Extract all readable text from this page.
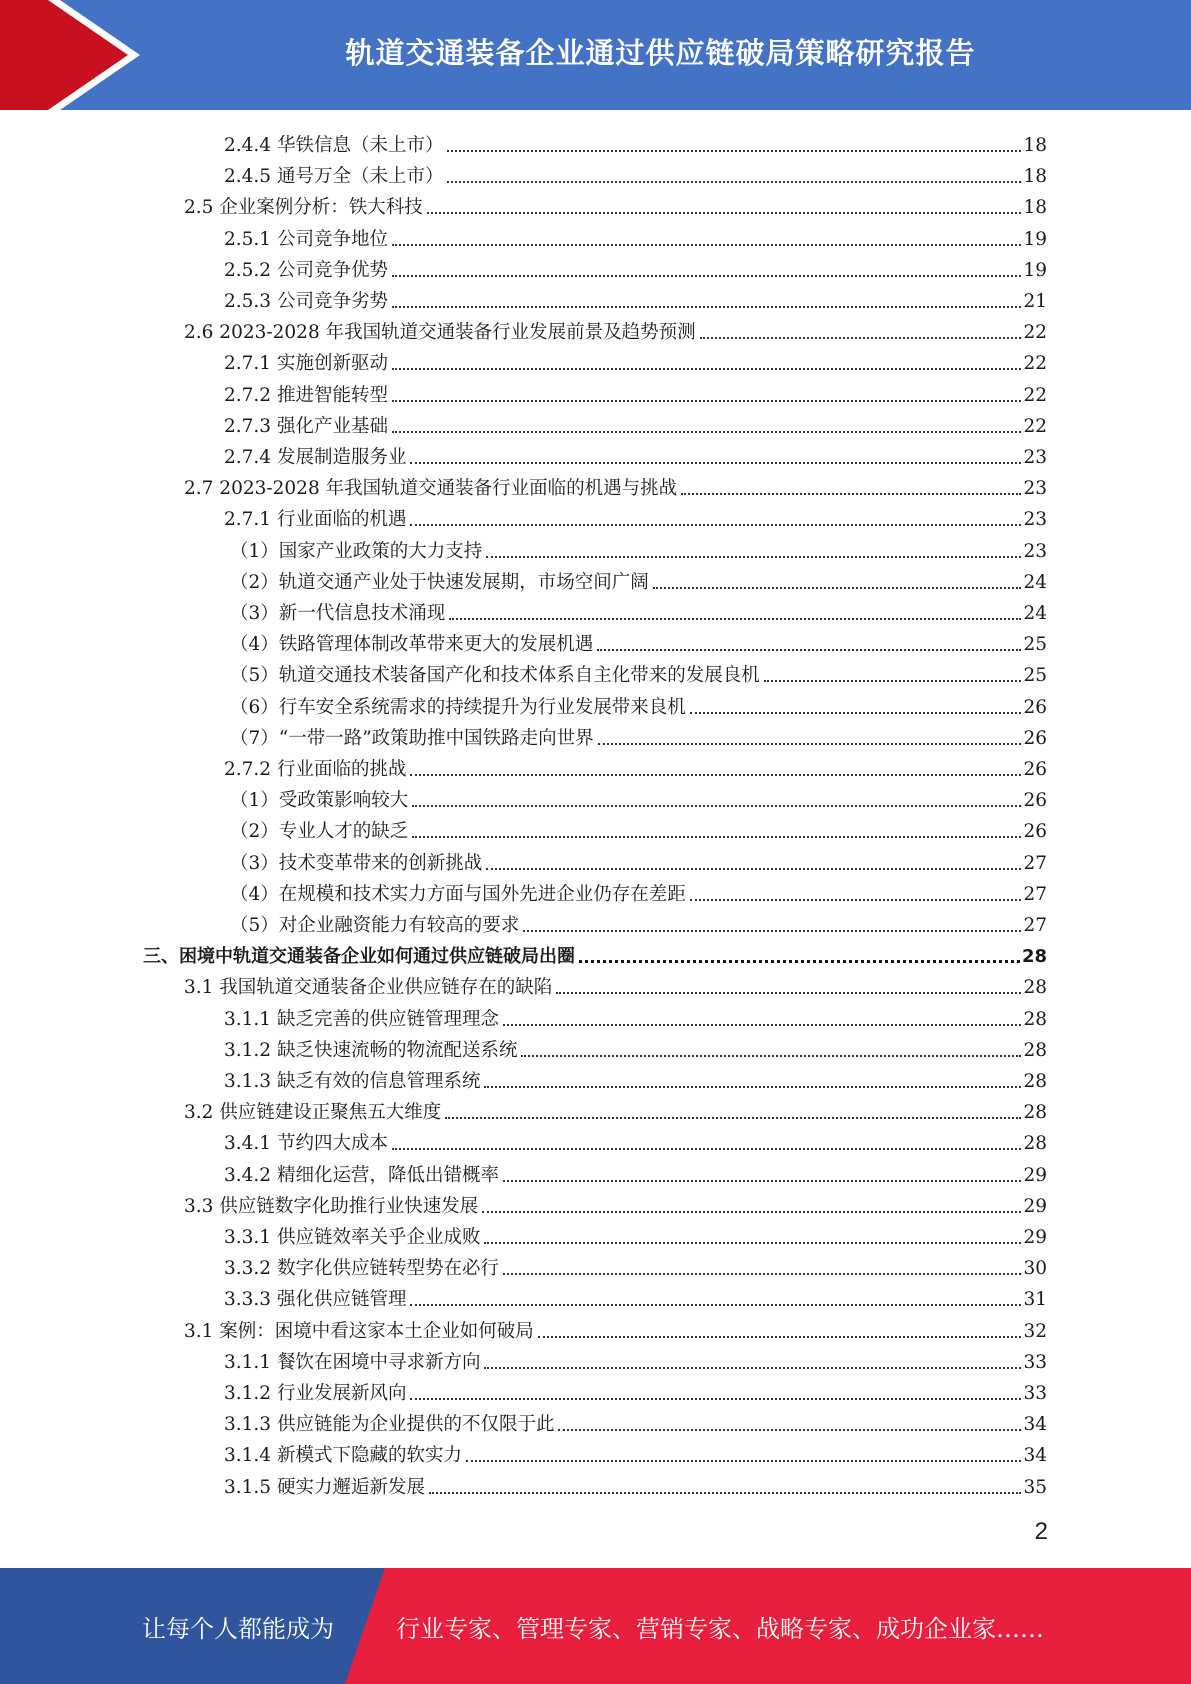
轨道交通装备企业通过供应链破局策略研究报告
2.4.4 华铁信息（未上市）	18
2.4.5 通号万全（未上市）	18
2.5 企业案例分析：铁大科技	18
2.5.1 公司竞争地位	19
2.5.2 公司竞争优势	19
2.5.3 公司竞争劣势	21
2.6 2023-2028 年我国轨道交通装备行业发展前景及趋势预测	22
2.7.1 实施创新驱动	22
2.7.2 推进智能转型	22
2.7.3 强化产业基础	22
2.7.4 发展制造服务业	23
2.7 2023-2028 年我国轨道交通装备行业面临的机遇与挑战	23
2.7.1 行业面临的机遇	23
（1）国家产业政策的大力支持	23
（2）轨道交通产业处于快速发展期，市场空间广阔	24
（3）新一代信息技术涌现	24
（4）铁路管理体制改革带来更大的发展机遇	25
（5）轨道交通技术装备国产化和技术体系自主化带来的发展良机	25
（6）行车安全系统需求的持续提升为行业发展带来良机	26
（7）“一带一路”政策助推中国铁路走向世界	26
2.7.2 行业面临的挑战	26
（1）受政策影响较大	26
（2）专业人才的缺乏	26
（3）技术变革带来的创新挑战	27
（4）在规模和技术实力方面与国外先进企业仍存在差距	27
（5）对企业融资能力有较高的要求	27
三、困境中轨道交通装备企业如何通过供应链破局出圈	28
3.1 我国轨道交通装备企业供应链存在的缺陷	28
3.1.1 缺乏完善的供应链管理理念	28
3.1.2 缺乏快速流畅的物流配送系统	28
3.1.3 缺乏有效的信息管理系统	28
3.2 供应链建设正聚焦五大维度	28
3.4.1 节约四大成本	28
3.4.2 精细化运营，降低出错概率	29
3.3 供应链数字化助推行业快速发展	29
3.3.1 供应链效率关乎企业成败	29
3.3.2 数字化供应链转型势在必行	30
3.3.3 强化供应链管理	31
3.1 案例：困境中看这家本土企业如何破局	32
3.1.1 餐饮在困境中寻求新方向	33
3.1.2 行业发展新风向	33
3.1.3 供应链能为企业提供的不仅限于此	34
3.1.4 新模式下隐藏的软实力	34
3.1.5 硬实力邂逅新发展	35
2
让每个人都能成为	行业专家、管理专家、营销专家、战略专家、成功企业家……
